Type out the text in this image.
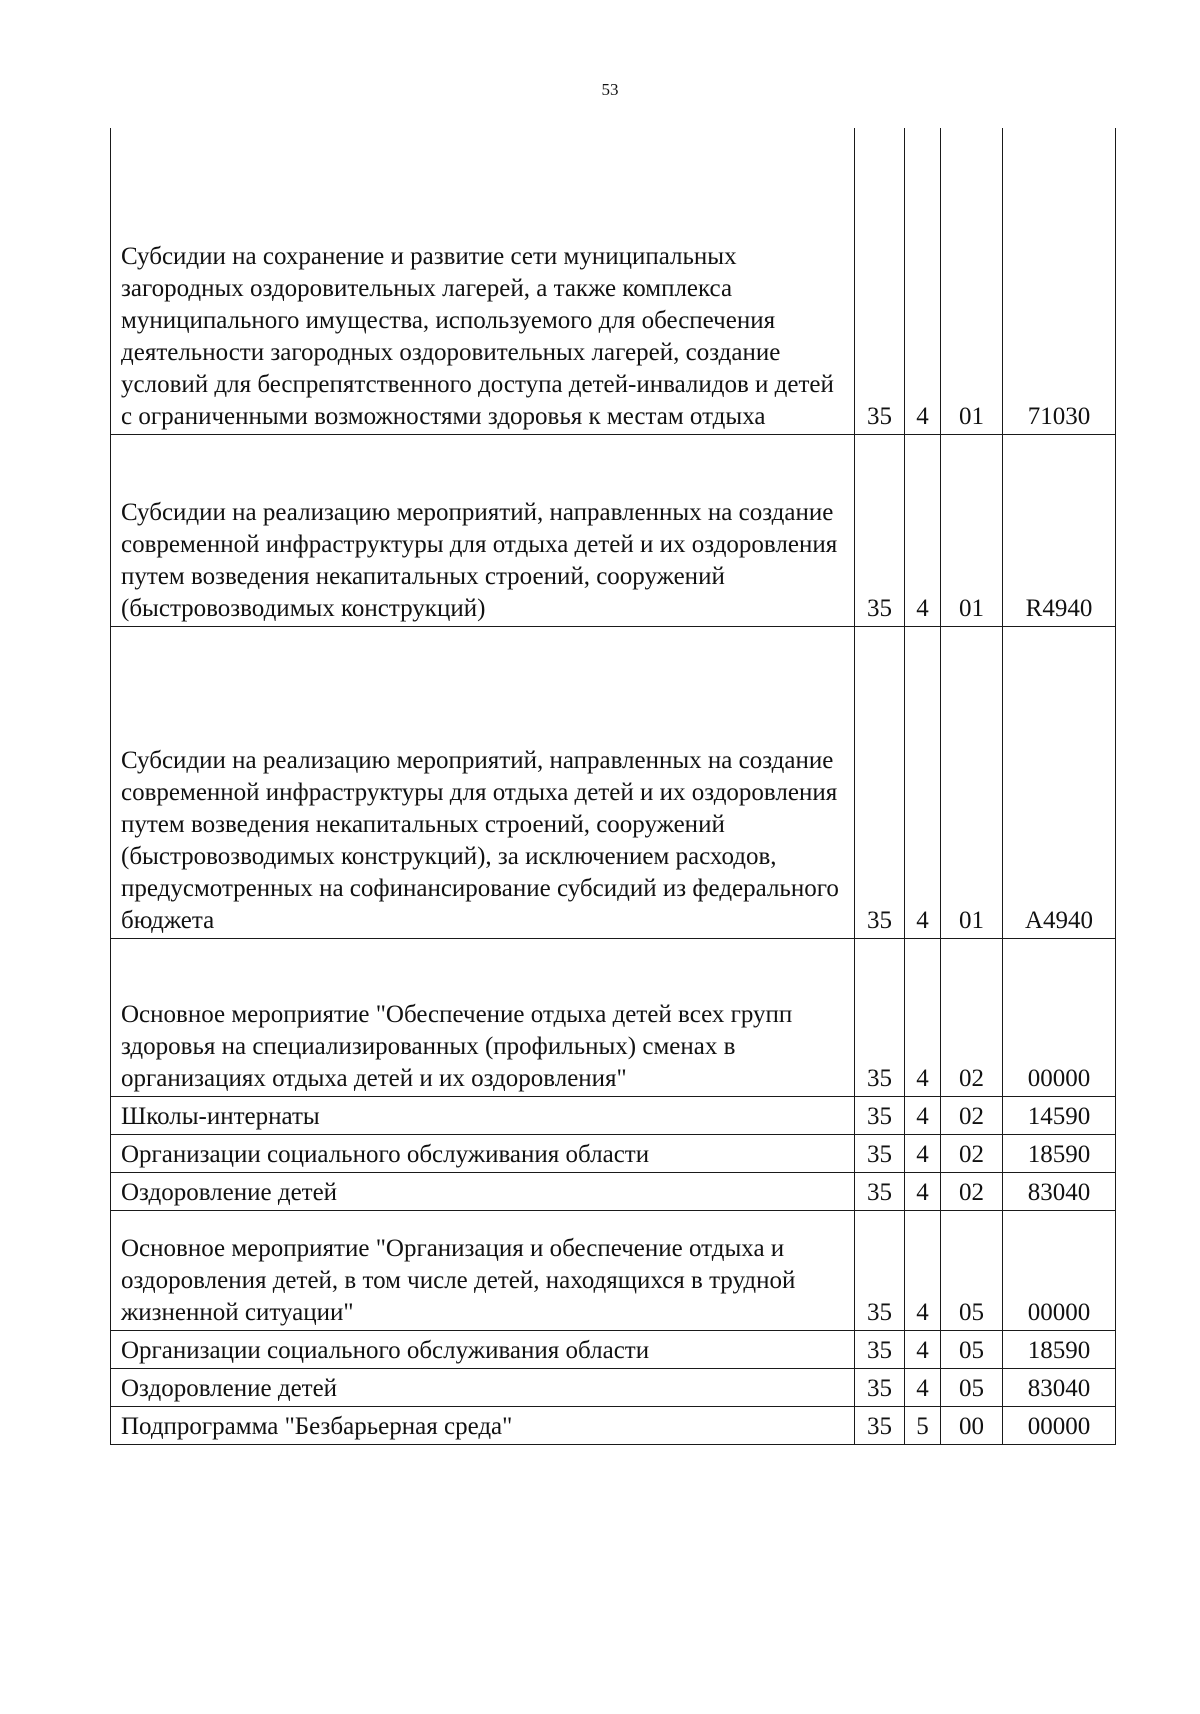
53
Субсидии на сохранение и развитие сети муниципальных загородных оздоровительных лагерей, а также комплекса муниципального имущества, используемого для обеспечения деятельности загородных оздоровительных лагерей, создание условий для беспрепятственного доступа детей-инвалидов и детей с ограниченными возможностями здоровья к местам отдыха	35	4	01	71030
Субсидии на реализацию мероприятий, направленных на создание современной инфраструктуры для отдыха детей и их оздоровления путем возведения некапитальных строений, сооружений (быстровозводимых конструкций)	35	4	01	R4940
Субсидии на реализацию мероприятий, направленных на создание современной инфраструктуры для отдыха детей и их оздоровления путем возведения некапитальных строений, сооружений (быстровозводимых конструкций), за исключением расходов, предусмотренных на софинансирование субсидий из федерального бюджета	35	4	01	А4940
Основное мероприятие "Обеспечение отдыха детей всех групп здоровья на специализированных (профильных) сменах в организациях отдыха детей и их оздоровления"	35	4	02	00000
Школы-интернаты	35	4	02	14590
Организации социального обслуживания области	35	4	02	18590
Оздоровление детей	35	4	02	83040
Основное мероприятие "Организация и обеспечение отдыха и оздоровления детей, в том числе детей, находящихся в трудной жизненной ситуации"	35	4	05	00000
Организации социального обслуживания области	35	4	05	18590
Оздоровление детей	35	4	05	83040
Подпрограмма "Безбарьерная среда"	35	5	00	00000
